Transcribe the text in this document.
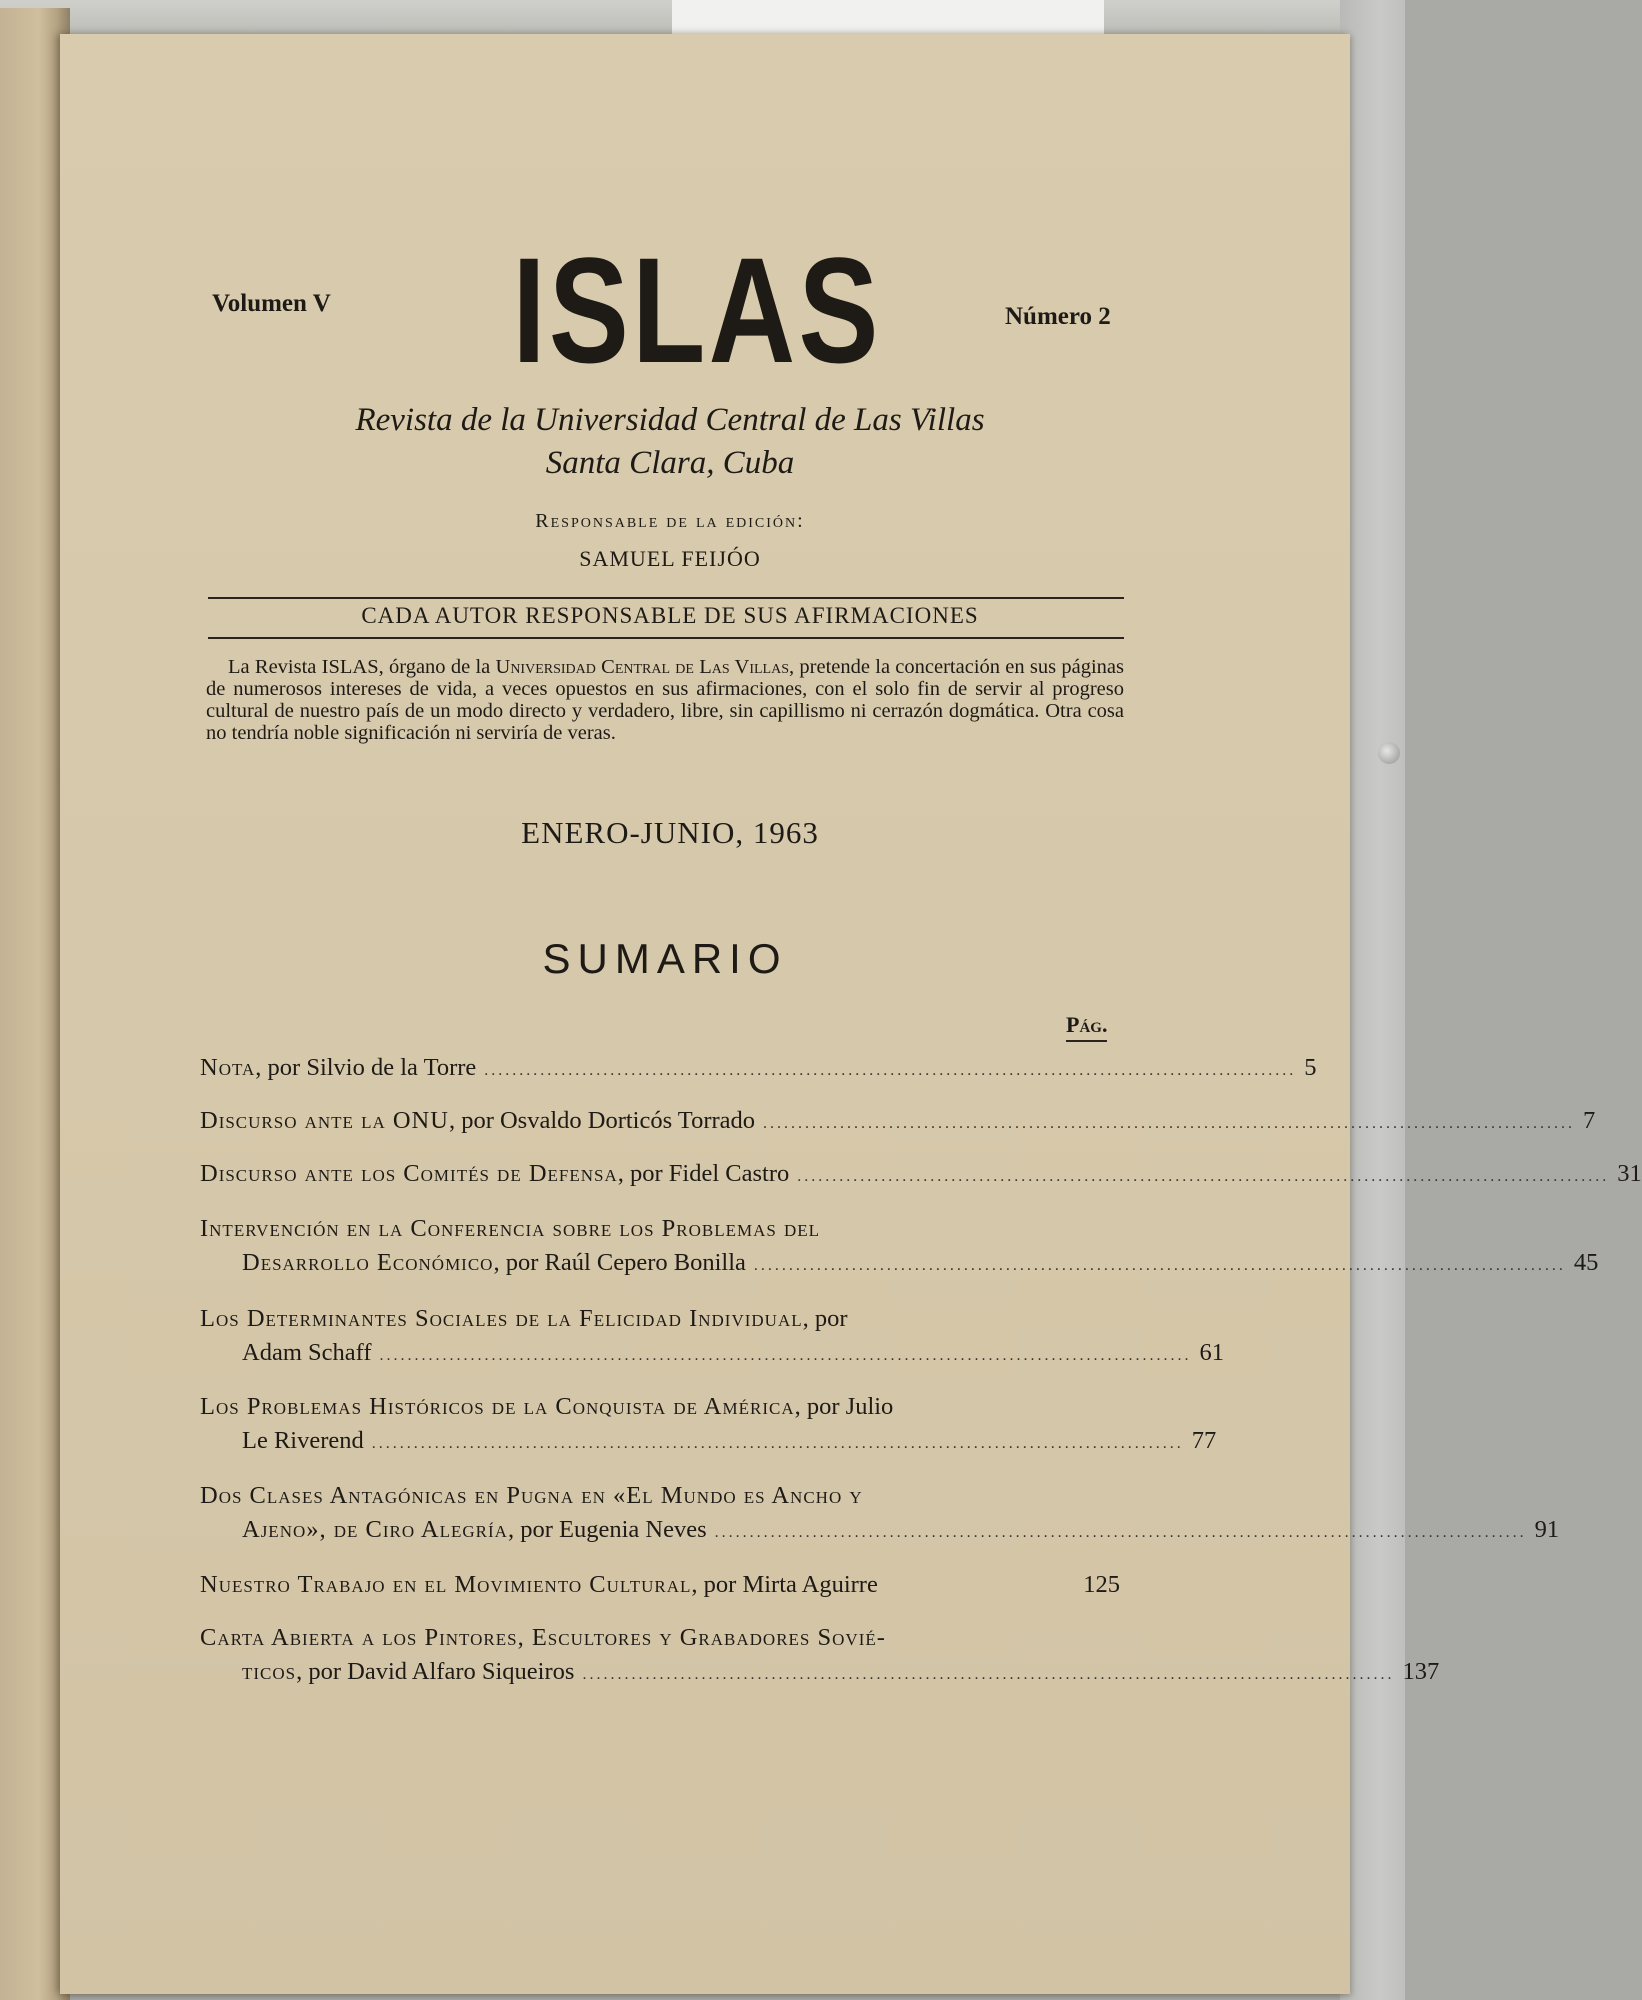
Volumen V	Número 2
ISLAS
Revista de la Universidad Central de Las Villas
Santa Clara, Cuba
Responsable de la edición:
SAMUEL FEIJÓO
CADA AUTOR RESPONSABLE DE SUS AFIRMACIONES
La Revista ISLAS, órgano de la Universidad Central de Las Villas, pretende la concertación en sus páginas de numerosos intereses de vida, a veces opuestos en sus afirmaciones, con el solo fin de servir al progreso cultural de nuestro país de un modo directo y verdadero, libre, sin capillismo ni cerrazón dogmática. Otra cosa no tendría noble significación ni serviría de veras.
ENERO-JUNIO, 1963
SUMARIO
Pág.
Nota, por Silvio de la Torre .................................................................................................................... 5
Discurso ante la ONU, por Osvaldo Dorticós Torrado .................................................................................................................... 7
Discurso ante los Comités de Defensa, por Fidel Castro .................................................................................................................... 31
Intervención en la Conferencia sobre los Problemas del
Desarrollo Económico, por Raúl Cepero Bonilla .................................................................................................................... 45
Los Determinantes Sociales de la Felicidad Individual, por
Adam Schaff .................................................................................................................... 61
Los Problemas Históricos de la Conquista de América, por Julio
Le Riverend .................................................................................................................... 77
Dos Clases Antagónicas en Pugna en «El Mundo es Ancho y
Ajeno», de Ciro Alegría, por Eugenia Neves .................................................................................................................... 91
Nuestro Trabajo en el Movimiento Cultural, por Mirta Aguirre	125
Carta Abierta a los Pintores, Escultores y Grabadores Sovié-
ticos, por David Alfaro Siqueiros .................................................................................................................... 137
